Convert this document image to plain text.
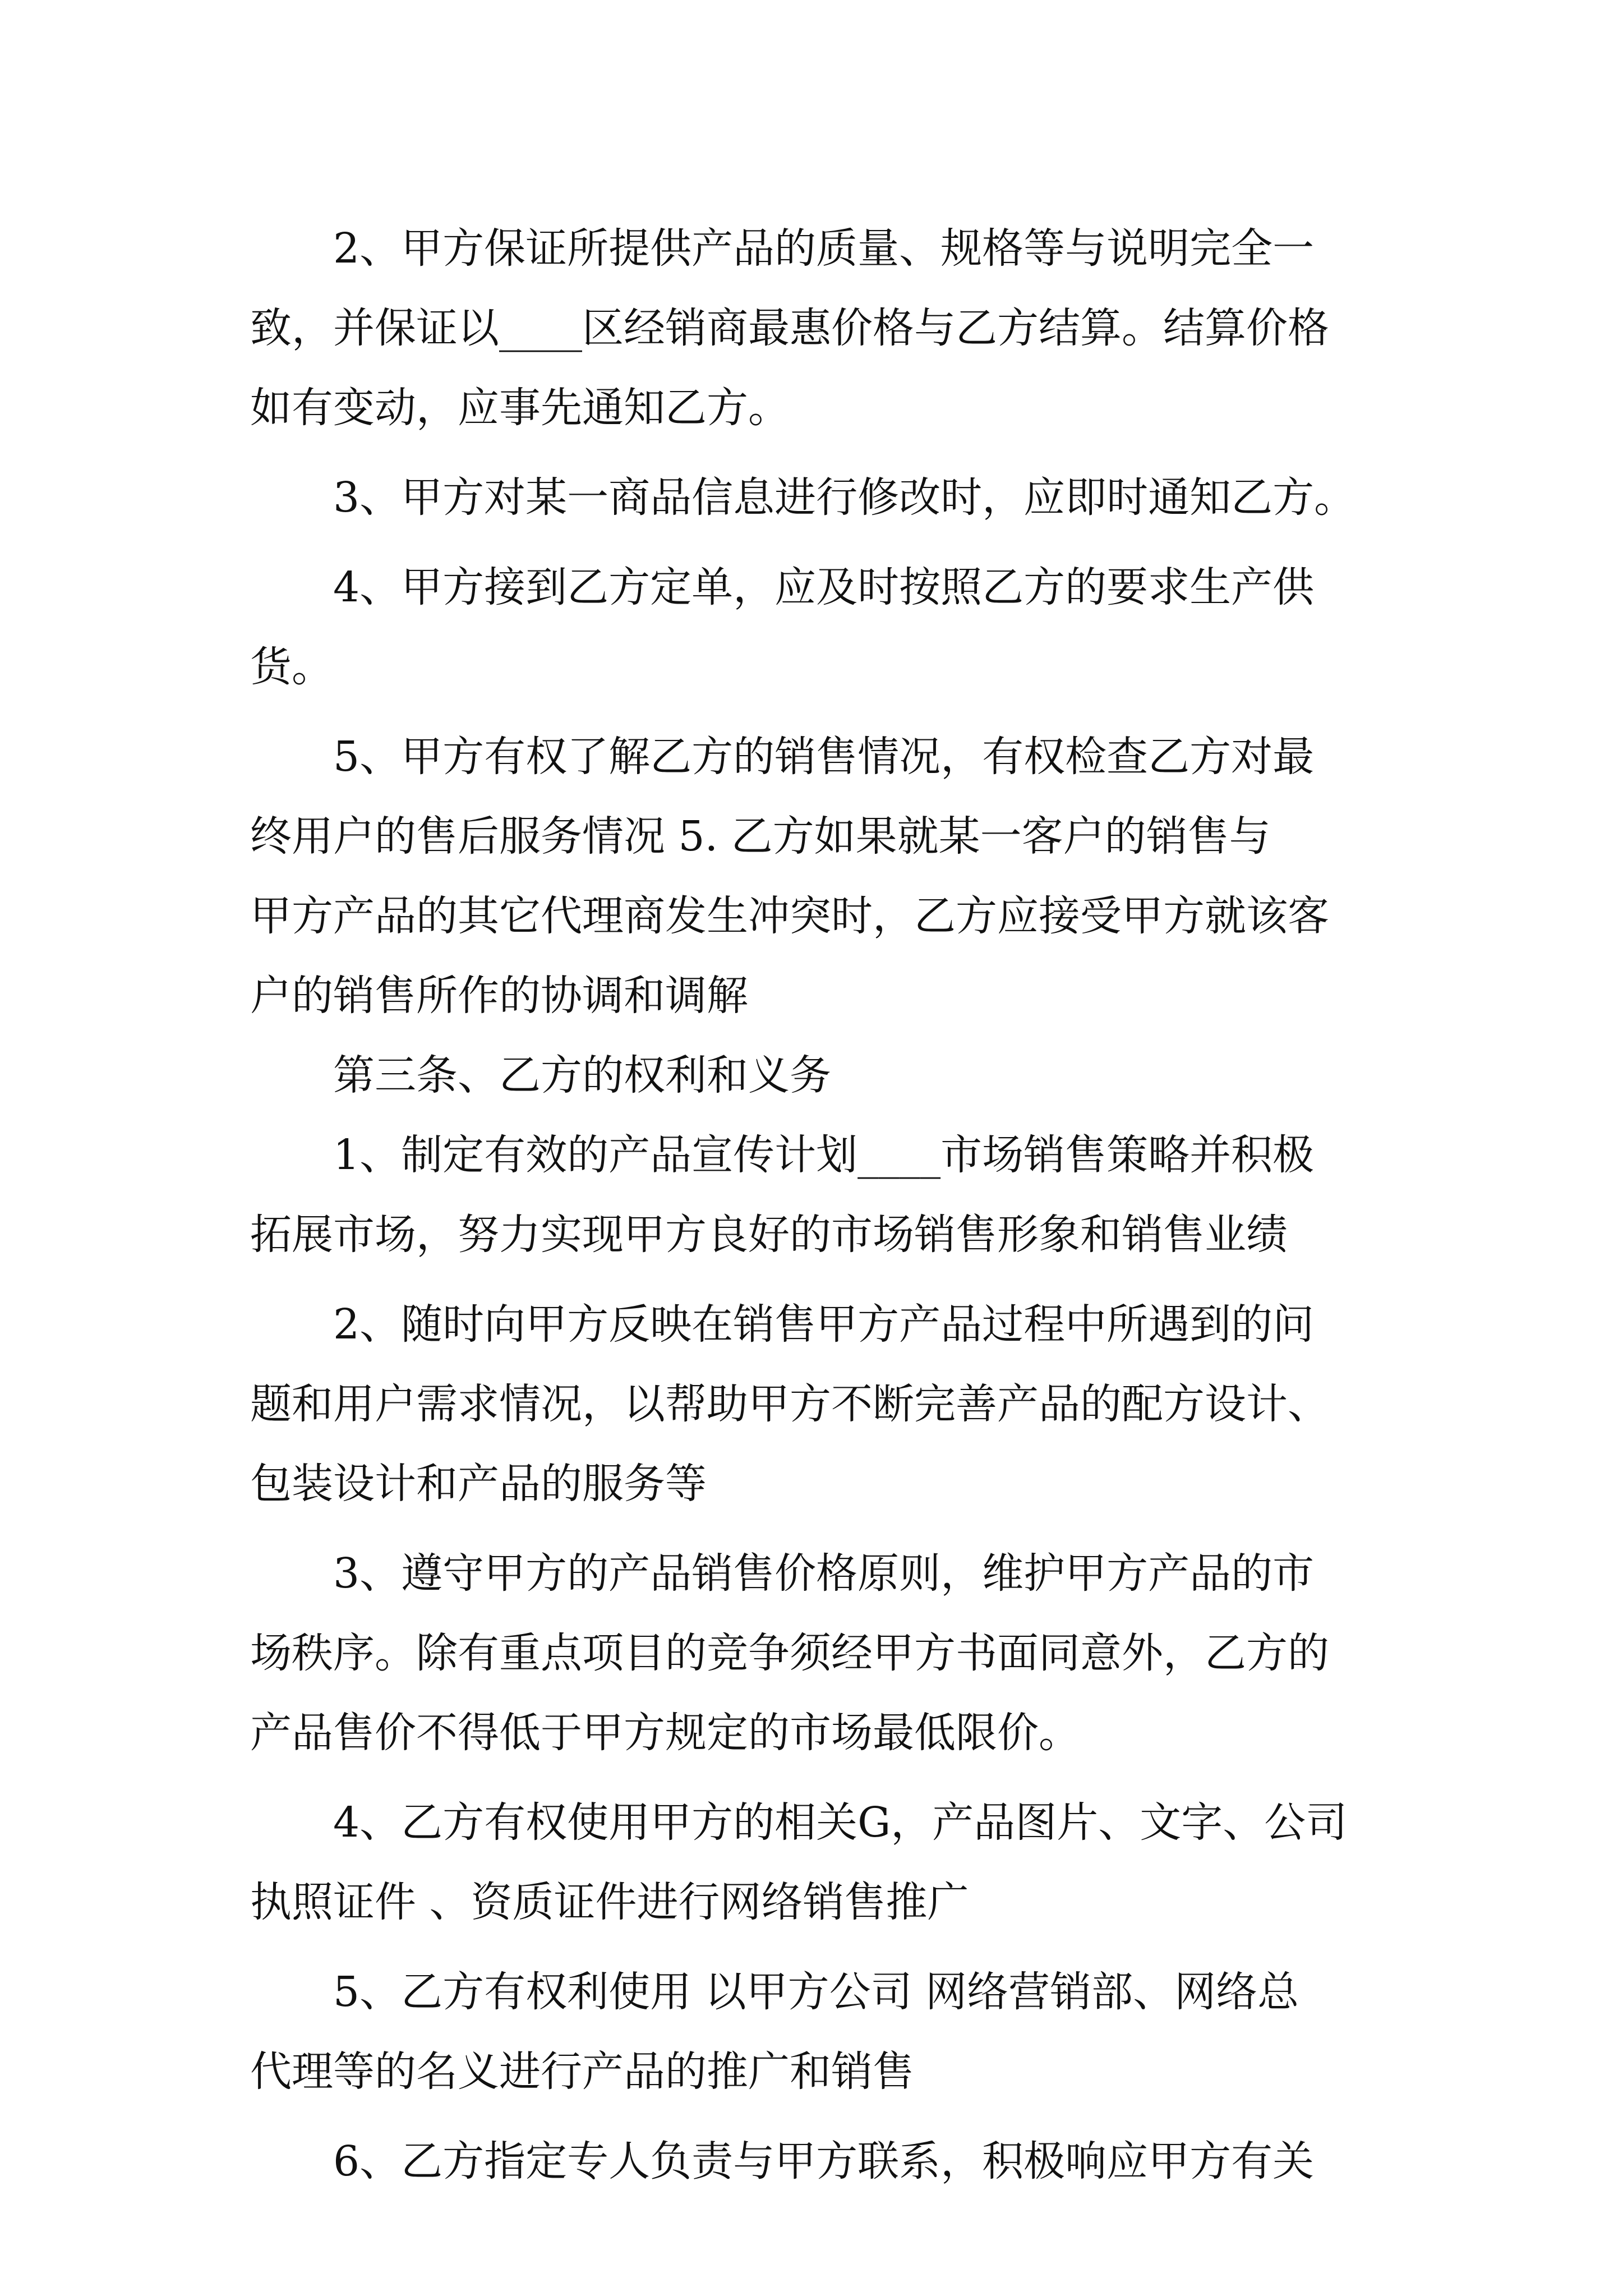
2、甲方保证所提供产品的质量、规格等与说明完全一
致，并保证以____区经销商最惠价格与乙方结算。结算价格
如有变动，应事先通知乙方。
3、甲方对某一商品信息进行修改时，应即时通知乙方。
4、甲方接到乙方定单，应及时按照乙方的要求生产供
货。
5、甲方有权了解乙方的销售情况，有权检查乙方对最
终用户的售后服务情况 5. 乙方如果就某一客户的销售与
甲方产品的其它代理商发生冲突时，乙方应接受甲方就该客
户的销售所作的协调和调解
第三条、乙方的权利和义务
1、制定有效的产品宣传计划____市场销售策略并积极
拓展市场，努力实现甲方良好的市场销售形象和销售业绩
2、随时向甲方反映在销售甲方产品过程中所遇到的问
题和用户需求情况，以帮助甲方不断完善产品的配方设计、
包装设计和产品的服务等
3、遵守甲方的产品销售价格原则，维护甲方产品的市
场秩序。除有重点项目的竞争须经甲方书面同意外，乙方的
产品售价不得低于甲方规定的市场最低限价。
4、乙方有权使用甲方的相关G，产品图片、文字、公司
执照证件 、资质证件进行网络销售推广
5、乙方有权利使用 以甲方公司 网络营销部、网络总
代理等的名义进行产品的推广和销售
6、乙方指定专人负责与甲方联系，积极响应甲方有关
